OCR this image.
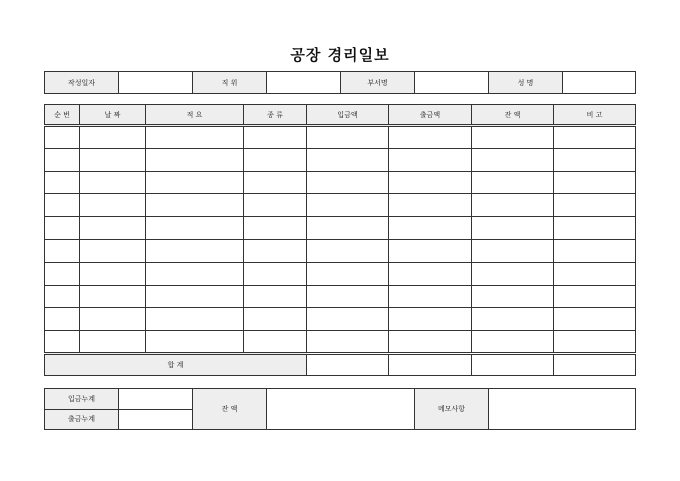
공장 경리일보
작성일자		직 위		부서명		성 명	
순 번	날 짜	적 요	종 류	입금액	출금액	잔 액	비 고

합 계							
입금누계		잔 액		메모사항	
출금누계					
